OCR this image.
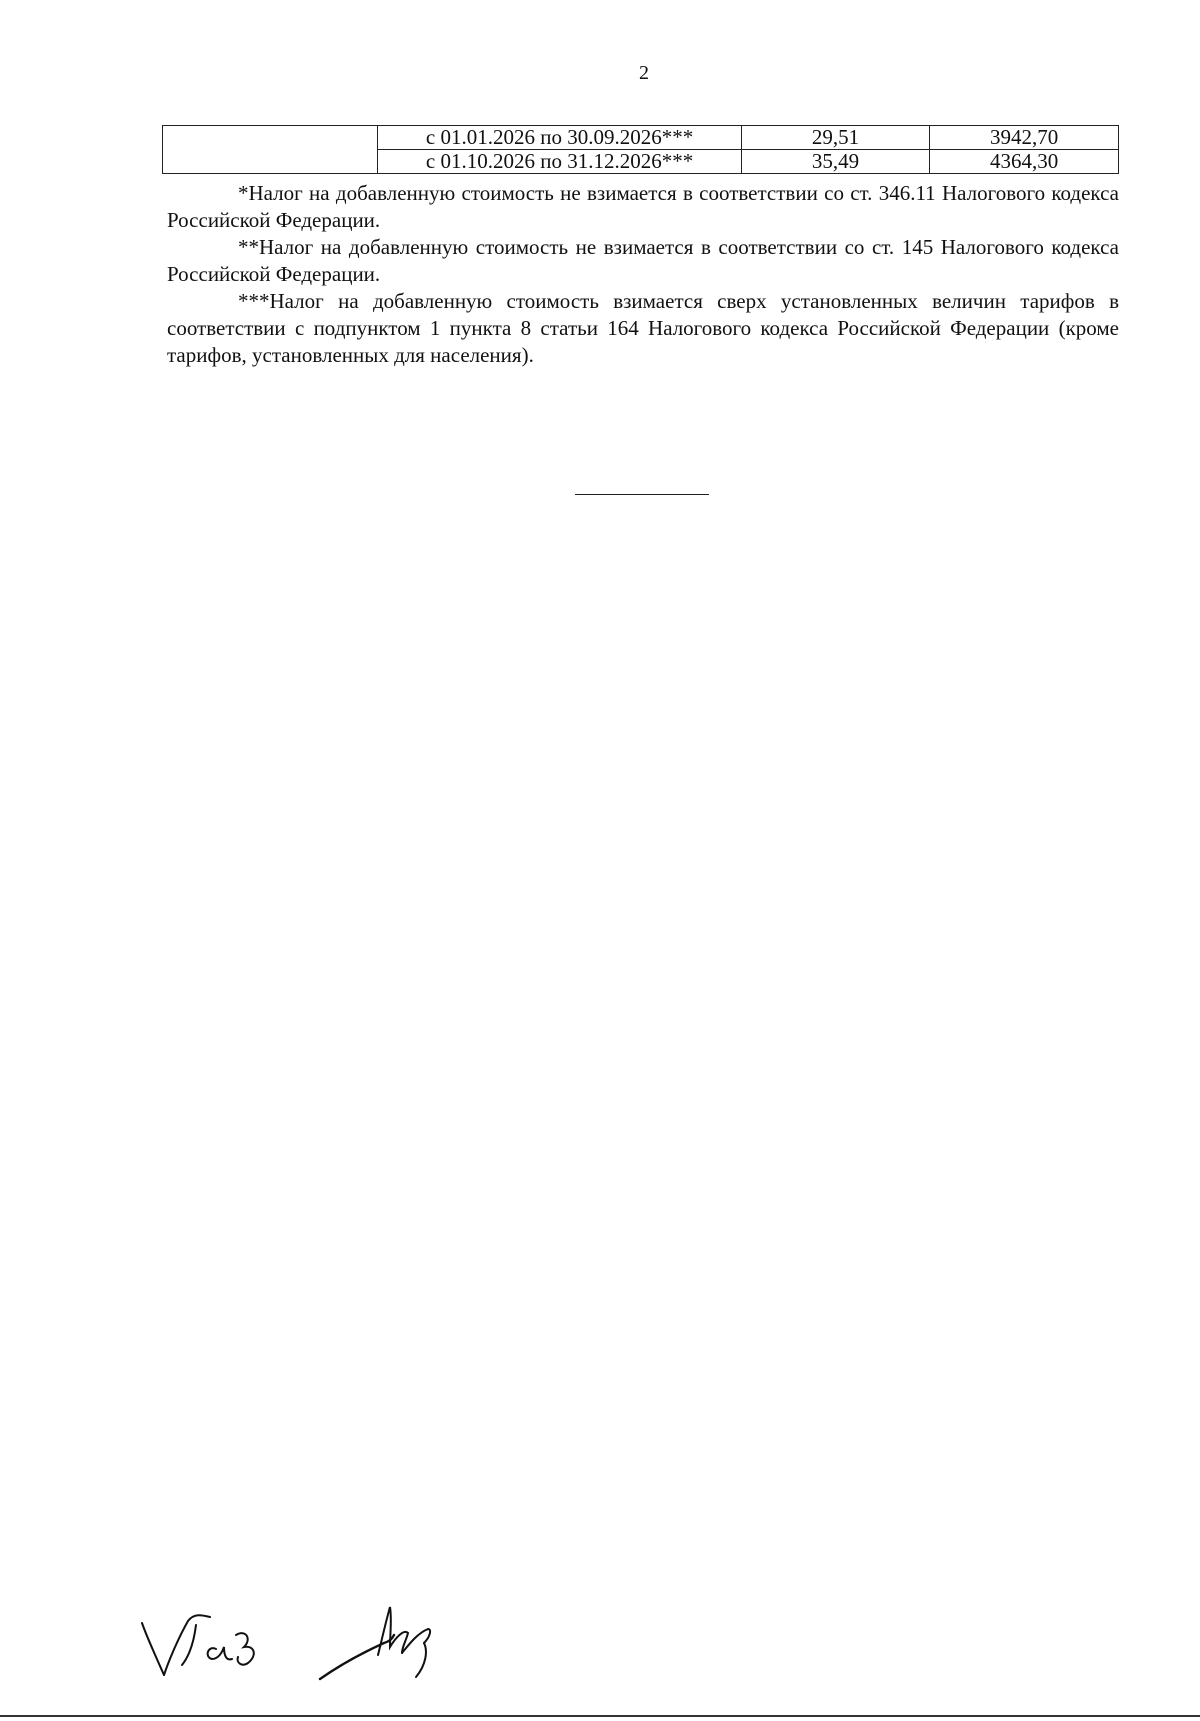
2
	с 01.01.2026 по 30.09.2026***	29,51	3942,70
	с 01.10.2026 по 31.12.2026***	35,49	4364,30

*Налог на добавленную стоимость не взимается в соответствии со ст. 346.11 Налогового кодекса Российской Федерации.

**Налог на добавленную стоимость не взимается в соответствии со ст. 145 Налогового кодекса Российской Федерации.

***Налог на добавленную стоимость взимается сверх установленных величин тарифов в соответствии с подпунктом 1 пункта 8 статьи 164 Налогового кодекса Российской Федерации (кроме тарифов, установленных для населения).
